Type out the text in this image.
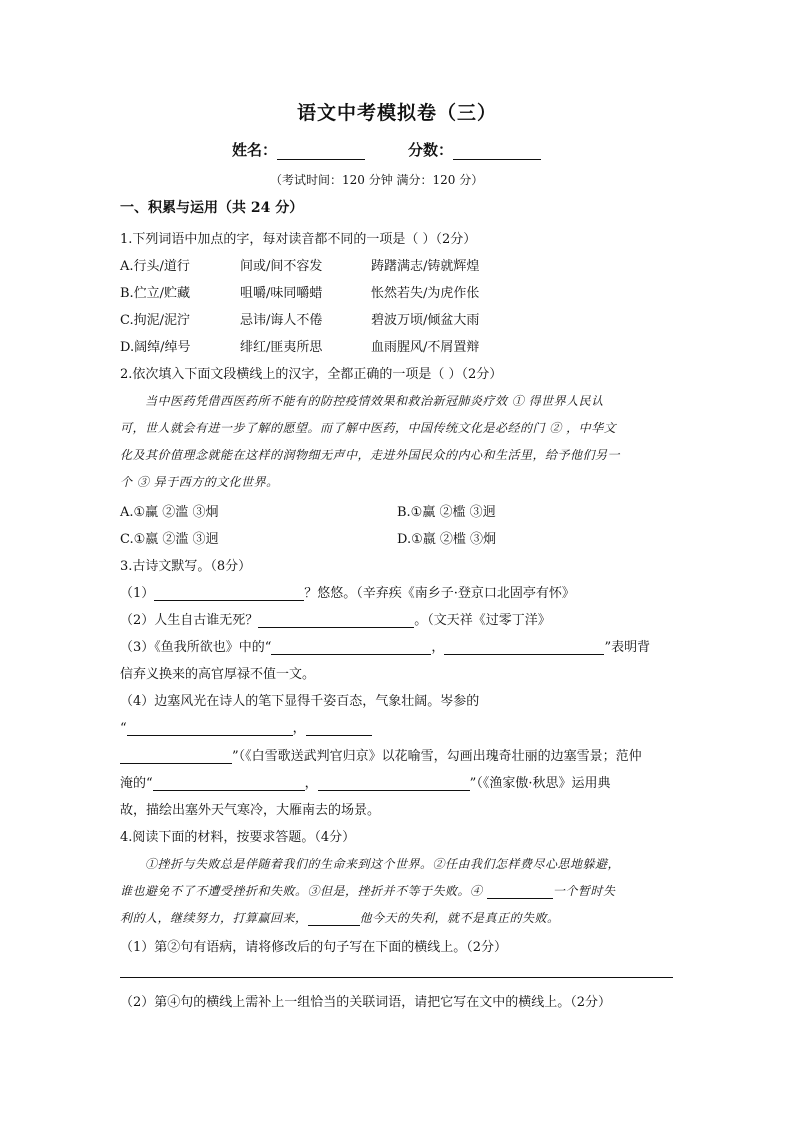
语文中考模拟卷（三）
姓名：	分数：
（考试时间：120 分钟 满分：120 分）
一、积累与运用（共 24 分）
1.下列词语中加点的字，每对读音都不同的一项是（ ）（2分）
A.行头/道行	间或/间不容发	踌躇满志/铸就辉煌
B.伫立/贮藏	咀嚼/味同嚼蜡	怅然若失/为虎作伥
C.拘泥/泥泞	忌讳/诲人不倦	碧波万顷/倾盆大雨
D.阔绰/绰号	绯红/匪夷所思	血雨腥风/不屑置辩
2.依次填入下面文段横线上的汉字，全都正确的一项是（ ）（2分）
当中医药凭借西医药所不能有的防控疫情效果和救治新冠肺炎疗效 ① 得世界人民认
可，世人就会有进一步了解的愿望。而了解中医药，中国传统文化是必经的门 ② ，中华文
化及其价值理念就能在这样的润物细无声中，走进外国民众的内心和生活里，给予他们另一
个 ③ 异于西方的文化世界。
A.①赢 ②滥 ③炯	B.①赢 ②槛 ③迥
C.①嬴 ②滥 ③迥	D.①嬴 ②槛 ③炯
3.古诗文默写。（8分）
（1）	？悠悠。（辛弃疾《南乡子·登京口北固亭有怀》
（2）人生自古谁无死？	。（文天祥《过零丁洋》
（3）《鱼我所欲也》中的“	，	”表明背
信弃义换来的高官厚禄不值一文。
（4）边塞风光在诗人的笔下显得千姿百态，气象壮阔。岑参的
“	，
”（《白雪歌送武判官归京》以花喻雪，勾画出瑰奇壮丽的边塞雪景；范仲
淹的“	，	”（《渔家傲·秋思》运用典
故，描绘出塞外天气寒冷，大雁南去的场景。
4.阅读下面的材料，按要求答题。（4分）
①挫折与失败总是伴随着我们的生命来到这个世界。②任由我们怎样费尽心思地躲避，
谁也避免不了不遭受挫折和失败。③但是，挫折并不等于失败。④	一个暂时失
利的人，继续努力，打算赢回来，	他今天的失利，就不是真正的失败。
（1）第②句有语病，请将修改后的句子写在下面的横线上。（2分）
（2）第④句的横线上需补上一组恰当的关联词语，请把它写在文中的横线上。（2分）
